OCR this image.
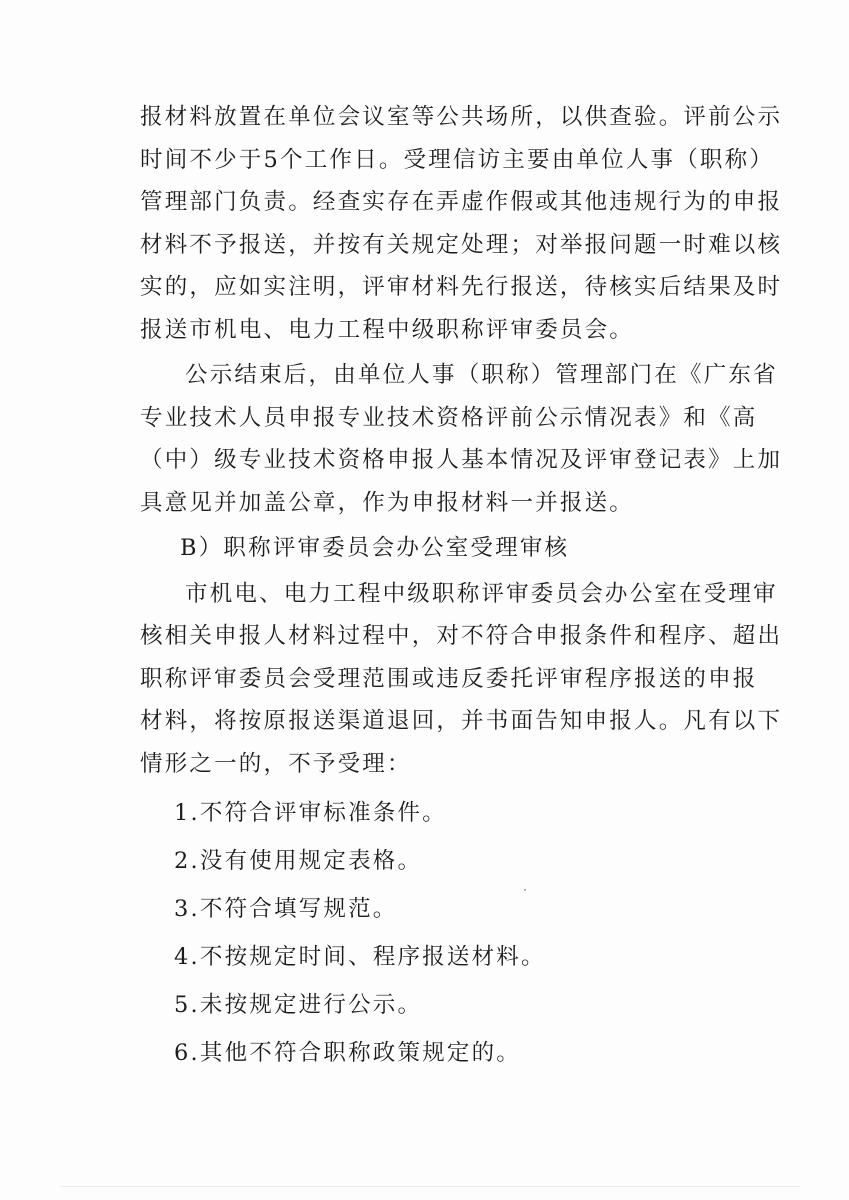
报材料放置在单位会议室等公共场所，以供查验。评前公示
时间不少于5个工作日。受理信访主要由单位人事（职称）
管理部门负责。经查实存在弄虚作假或其他违规行为的申报
材料不予报送，并按有关规定处理；对举报问题一时难以核
实的，应如实注明，评审材料先行报送，待核实后结果及时
报送市机电、电力工程中级职称评审委员会。
公示结束后，由单位人事（职称）管理部门在《广东省
专业技术人员申报专业技术资格评前公示情况表》和《高
（中）级专业技术资格申报人基本情况及评审登记表》上加
具意见并加盖公章，作为申报材料一并报送。
B）职称评审委员会办公室受理审核
市机电、电力工程中级职称评审委员会办公室在受理审
核相关申报人材料过程中，对不符合申报条件和程序、超出
职称评审委员会受理范围或违反委托评审程序报送的申报
材料，将按原报送渠道退回，并书面告知申报人。凡有以下
情形之一的，不予受理：
1.不符合评审标准条件。
2.没有使用规定表格。
3.不符合填写规范。
4.不按规定时间、程序报送材料。
5.未按规定进行公示。
6.其他不符合职称政策规定的。
